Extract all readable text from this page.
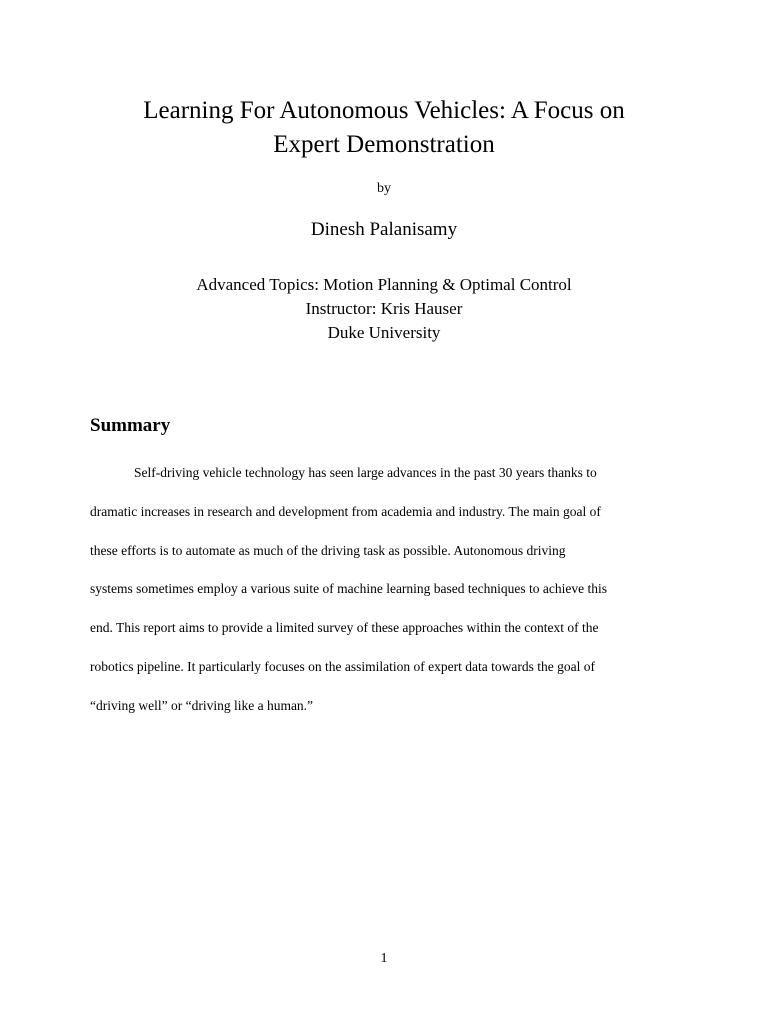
Learning For Autonomous Vehicles: A Focus on
Expert Demonstration
by
Dinesh Palanisamy
Advanced Topics: Motion Planning & Optimal Control
Instructor: Kris Hauser
Duke University
Summary

Self-driving vehicle technology has seen large advances in the past 30 years thanks to
dramatic increases in research and development from academia and industry. The main goal of
these efforts is to automate as much of the driving task as possible. Autonomous driving
systems sometimes employ a various suite of machine learning based techniques to achieve this
end. This report aims to provide a limited survey of these approaches within the context of the
robotics pipeline. It particularly focuses on the assimilation of expert data towards the goal of
“driving well” or “driving like a human.”

1
